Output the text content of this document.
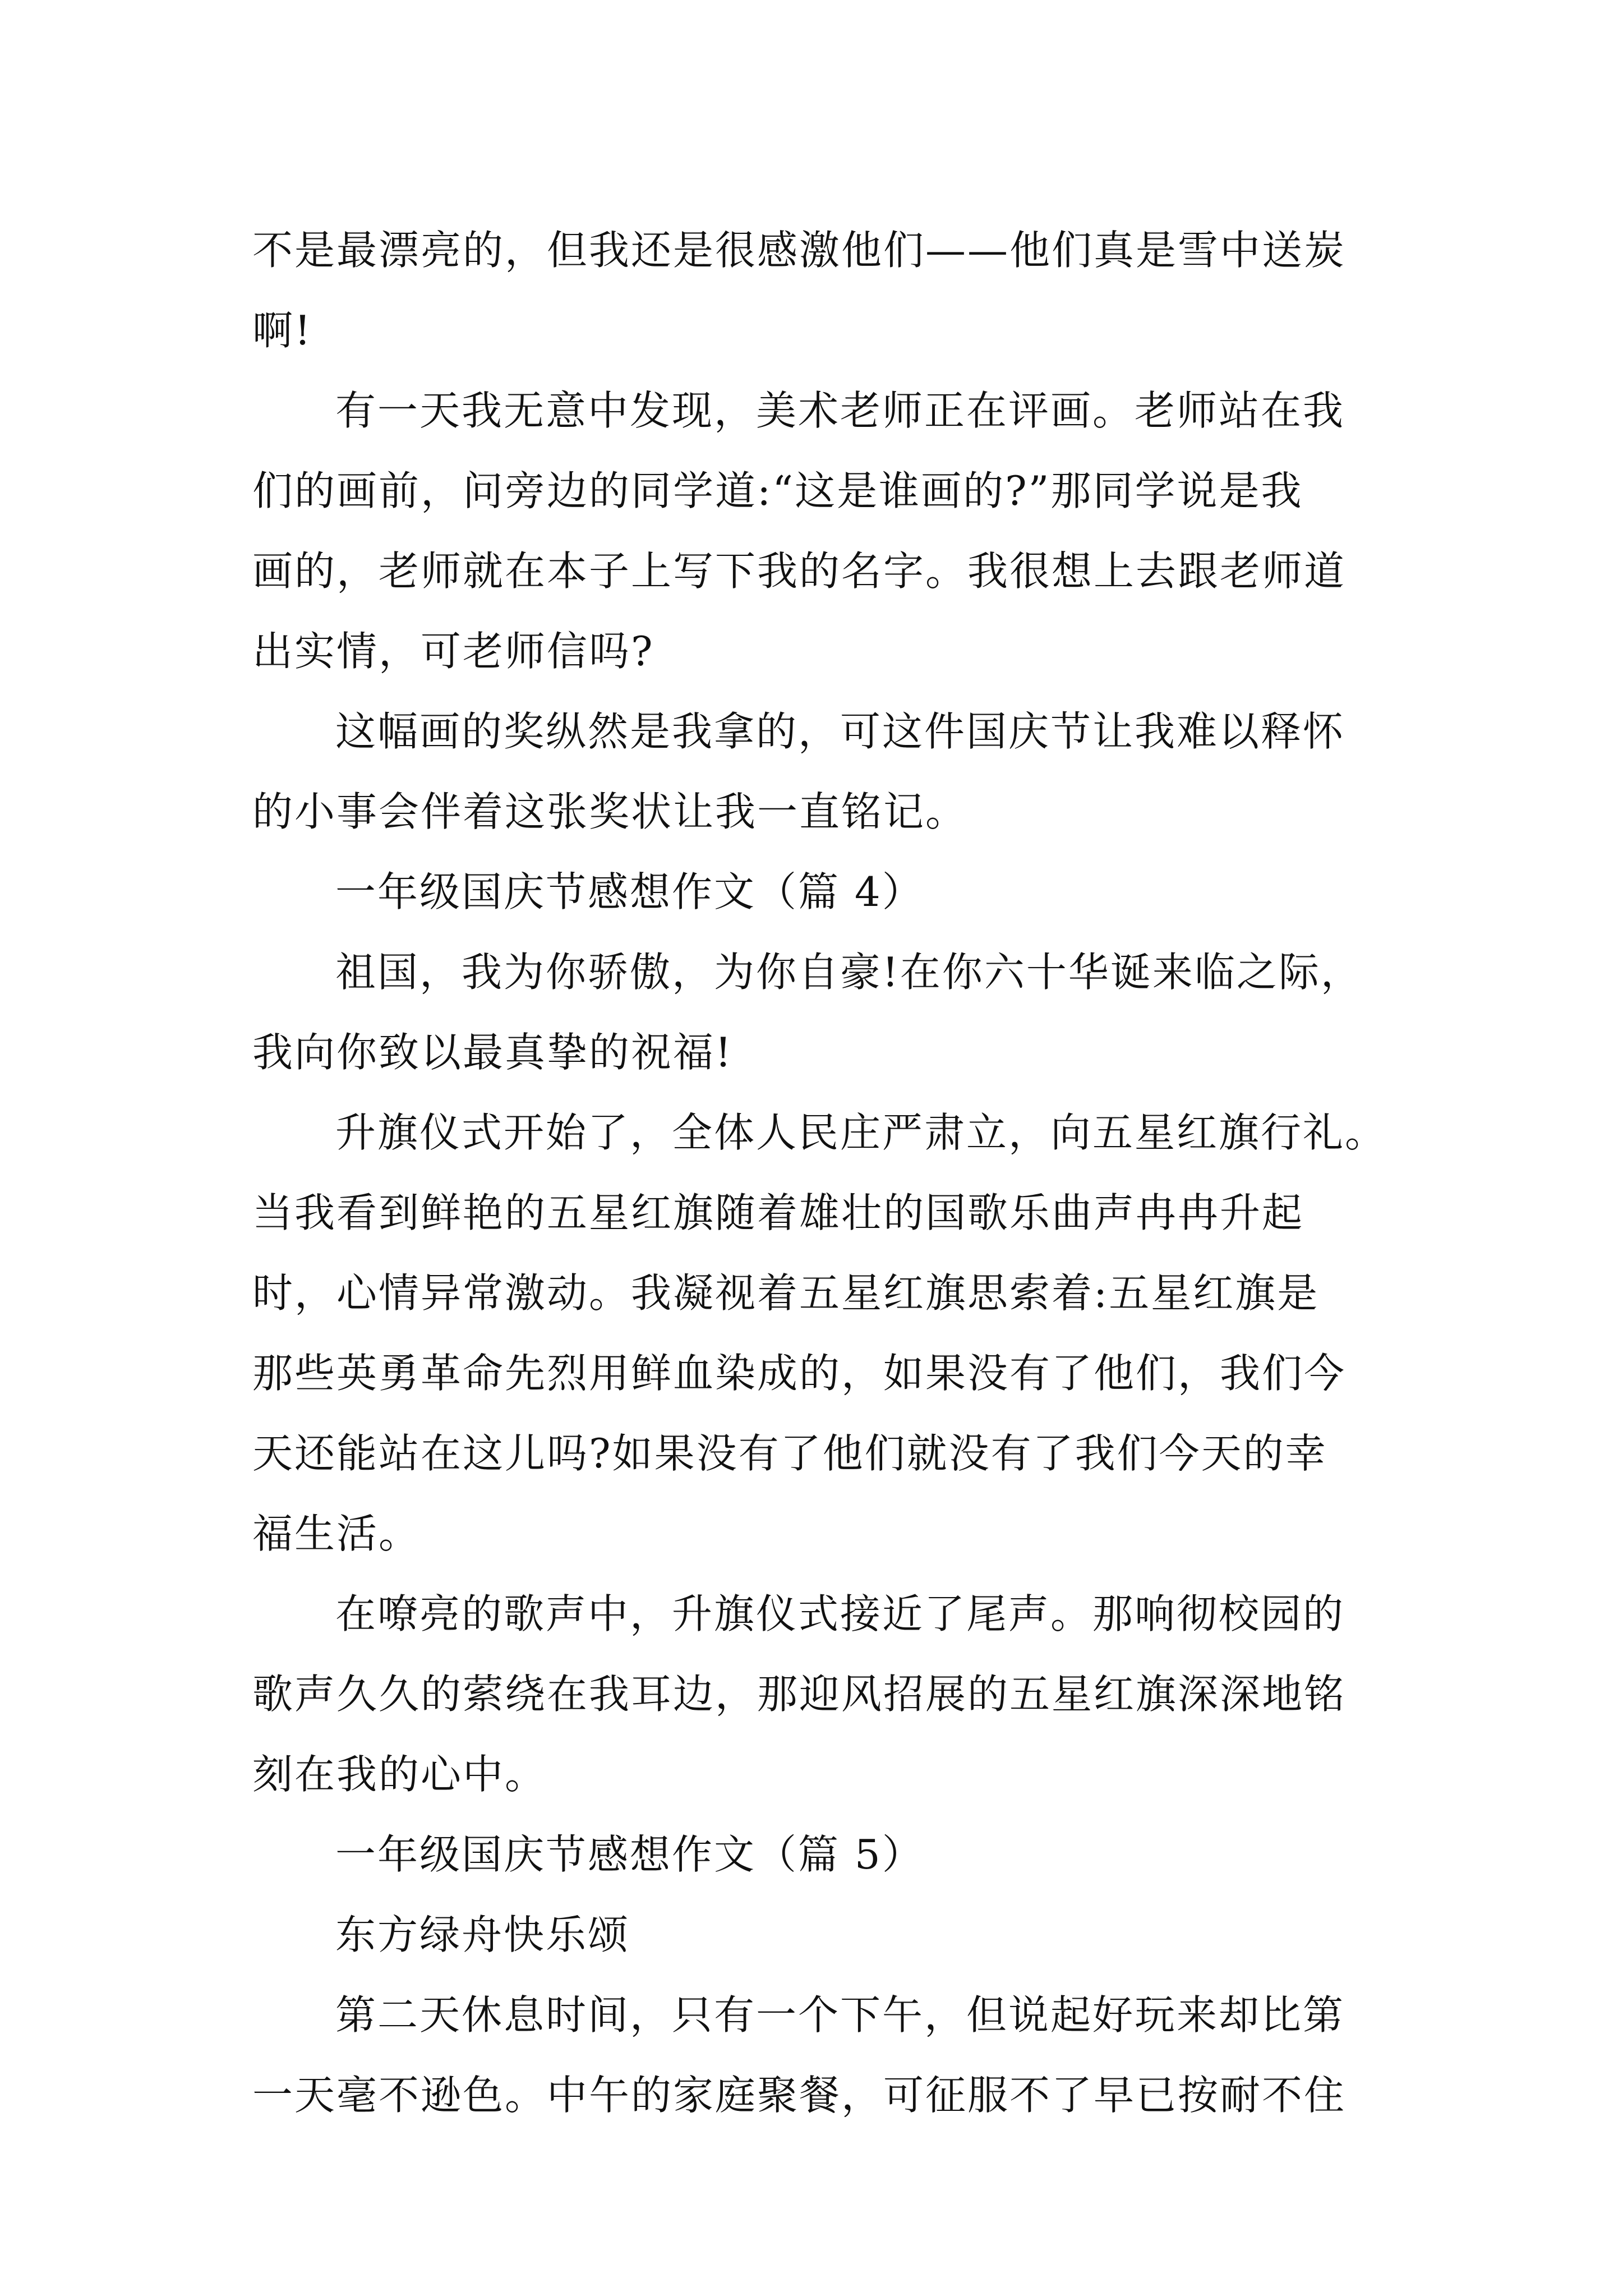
不是最漂亮的，但我还是很感激他们——他们真是雪中送炭
啊!
有一天我无意中发现，美术老师正在评画。老师站在我
们的画前，问旁边的同学道:“这是谁画的?”那同学说是我
画的，老师就在本子上写下我的名字。我很想上去跟老师道
出实情，可老师信吗?
这幅画的奖纵然是我拿的，可这件国庆节让我难以释怀
的小事会伴着这张奖状让我一直铭记。
一年级国庆节感想作文（篇 4）
祖国，我为你骄傲，为你自豪!在你六十华诞来临之际，
我向你致以最真挚的祝福!
升旗仪式开始了，全体人民庄严肃立，向五星红旗行礼。
当我看到鲜艳的五星红旗随着雄壮的国歌乐曲声冉冉升起
时，心情异常激动。我凝视着五星红旗思索着:五星红旗是
那些英勇革命先烈用鲜血染成的，如果没有了他们，我们今
天还能站在这儿吗?如果没有了他们就没有了我们今天的幸
福生活。
在嘹亮的歌声中，升旗仪式接近了尾声。那响彻校园的
歌声久久的萦绕在我耳边，那迎风招展的五星红旗深深地铭
刻在我的心中。
一年级国庆节感想作文（篇 5）
东方绿舟快乐颂
第二天休息时间，只有一个下午，但说起好玩来却比第
一天毫不逊色。中午的家庭聚餐，可征服不了早已按耐不住
